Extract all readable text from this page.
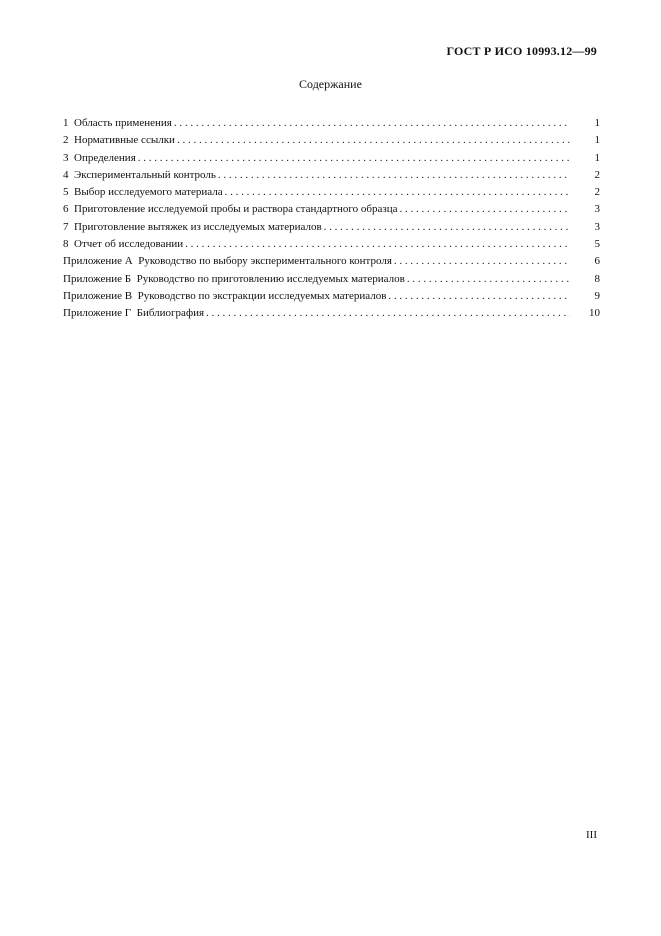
ГОСТ Р ИСО 10993.12—99
Содержание
1  Область применения . . .	1
2  Нормативные ссылки . . .	1
3  Определения . . .	1
4  Экспериментальный контроль . . .	2
5  Выбор исследуемого материала . . .	2
6  Приготовление исследуемой пробы и раствора стандартного образца . . .	3
7  Приготовление вытяжек из исследуемых материалов . . .	3
8  Отчет об исследовании . . .	5
Приложение А  Руководство по выбору экспериментального контроля . . .	6
Приложение Б  Руководство по приготовлению исследуемых материалов . . .	8
Приложение В  Руководство по экстракции исследуемых материалов . . .	9
Приложение Г  Библиография . . .	10
III
